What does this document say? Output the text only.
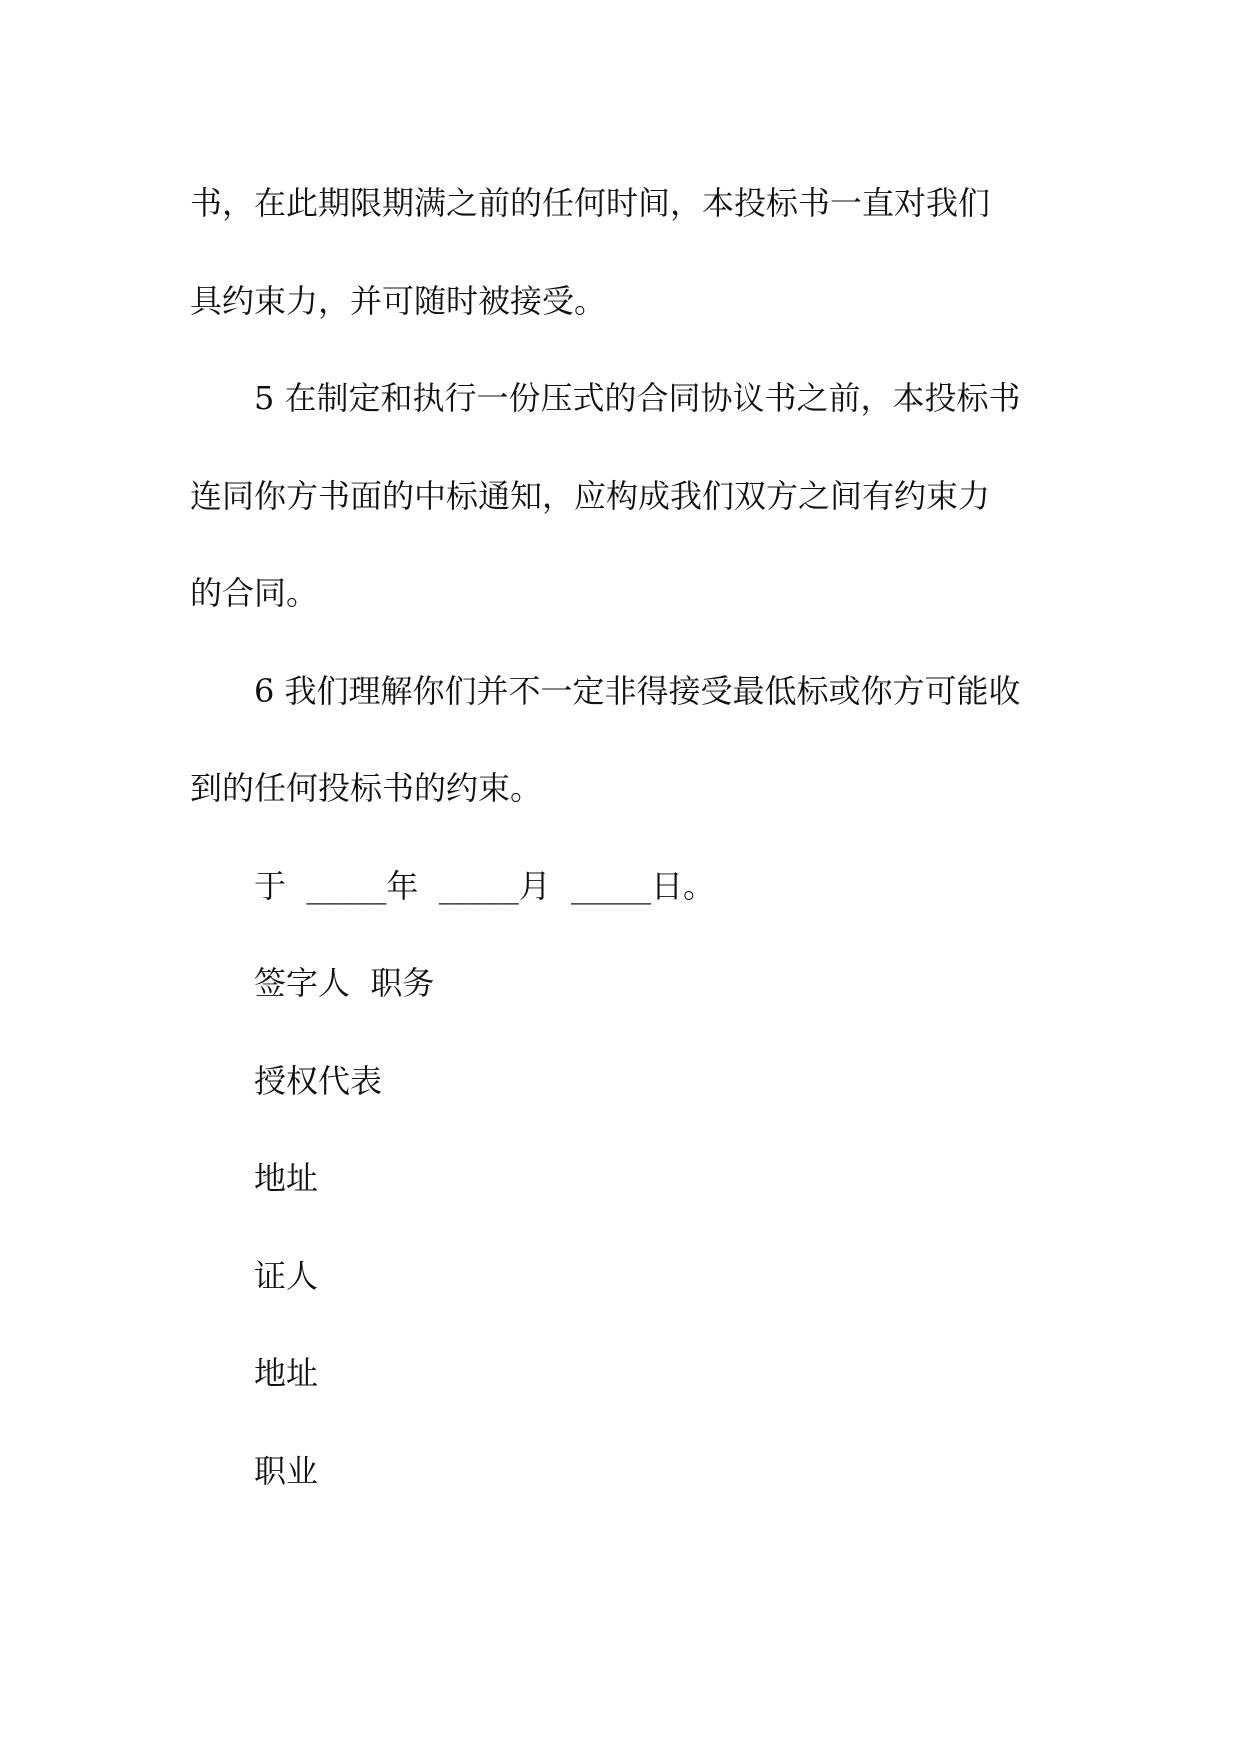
书，在此期限期满之前的任何时间，本投标书一直对我们
具约束力，并可随时被接受。
5 在制定和执行一份压式的合同协议书之前，本投标书
连同你方书面的中标通知，应构成我们双方之间有约束力
的合同。
6 我们理解你们并不一定非得接受最低标或你方可能收
到的任何投标书的约束。
于  _____年  _____月  _____日。
签字人  职务
授权代表
地址
证人
地址
职业
